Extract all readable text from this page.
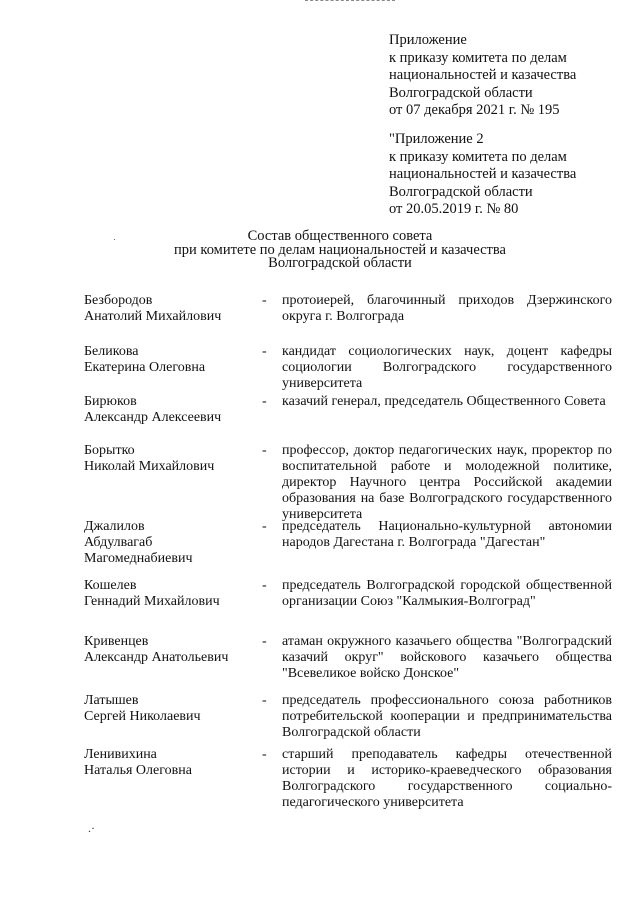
Приложение
к приказу комитета по делам
национальностей и казачества
Волгоградской области
от 07 декабря 2021 г. № 195
"Приложение 2
к приказу комитета по делам
национальностей и казачества
Волгоградской области
от 20.05.2019 г. № 80
Состав общественного совета
при комитете по делам национальностей и казачества
Волгоградской области
Безбородов
Анатолий Михайлович
-	протоиерей, благочинный приходов Дзержинского округа г. Волгограда
Беликова
Екатерина Олеговна
-	кандидат социологических наук, доцент кафедры социологии Волгоградского государственного университета
Бирюков
Александр Алексеевич
-	казачий генерал, председатель Общественного Совета
Борытко
Николай Михайлович
-	профессор, доктор педагогических наук, проректор по воспитательной работе и молодежной политике, директор Научного центра Российской академии образования на базе Волгоградского государственного университета
Джалилов
Абдулвагаб
Магомеднабиевич
-	председатель Национально-культурной автономии народов Дагестана г. Волгограда "Дагестан"
Кошелев
Геннадий Михайлович
-	председатель Волгоградской городской общественной организации Союз "Калмыкия-Волгоград"
Кривенцев
Александр Анатольевич
-	атаман окружного казачьего общества "Волгоградский казачий округ" войскового казачьего общества "Всевеликое войско Донское"
Латышев
Сергей Николаевич
-	председатель профессионального союза работников потребительской кооперации и предпринимательства Волгоградской области
Ленивихина
Наталья Олеговна
-	старший преподаватель кафедры отечественной истории и историко-краеведческого образования Волгоградского государственного социально-педагогического университета
.·
